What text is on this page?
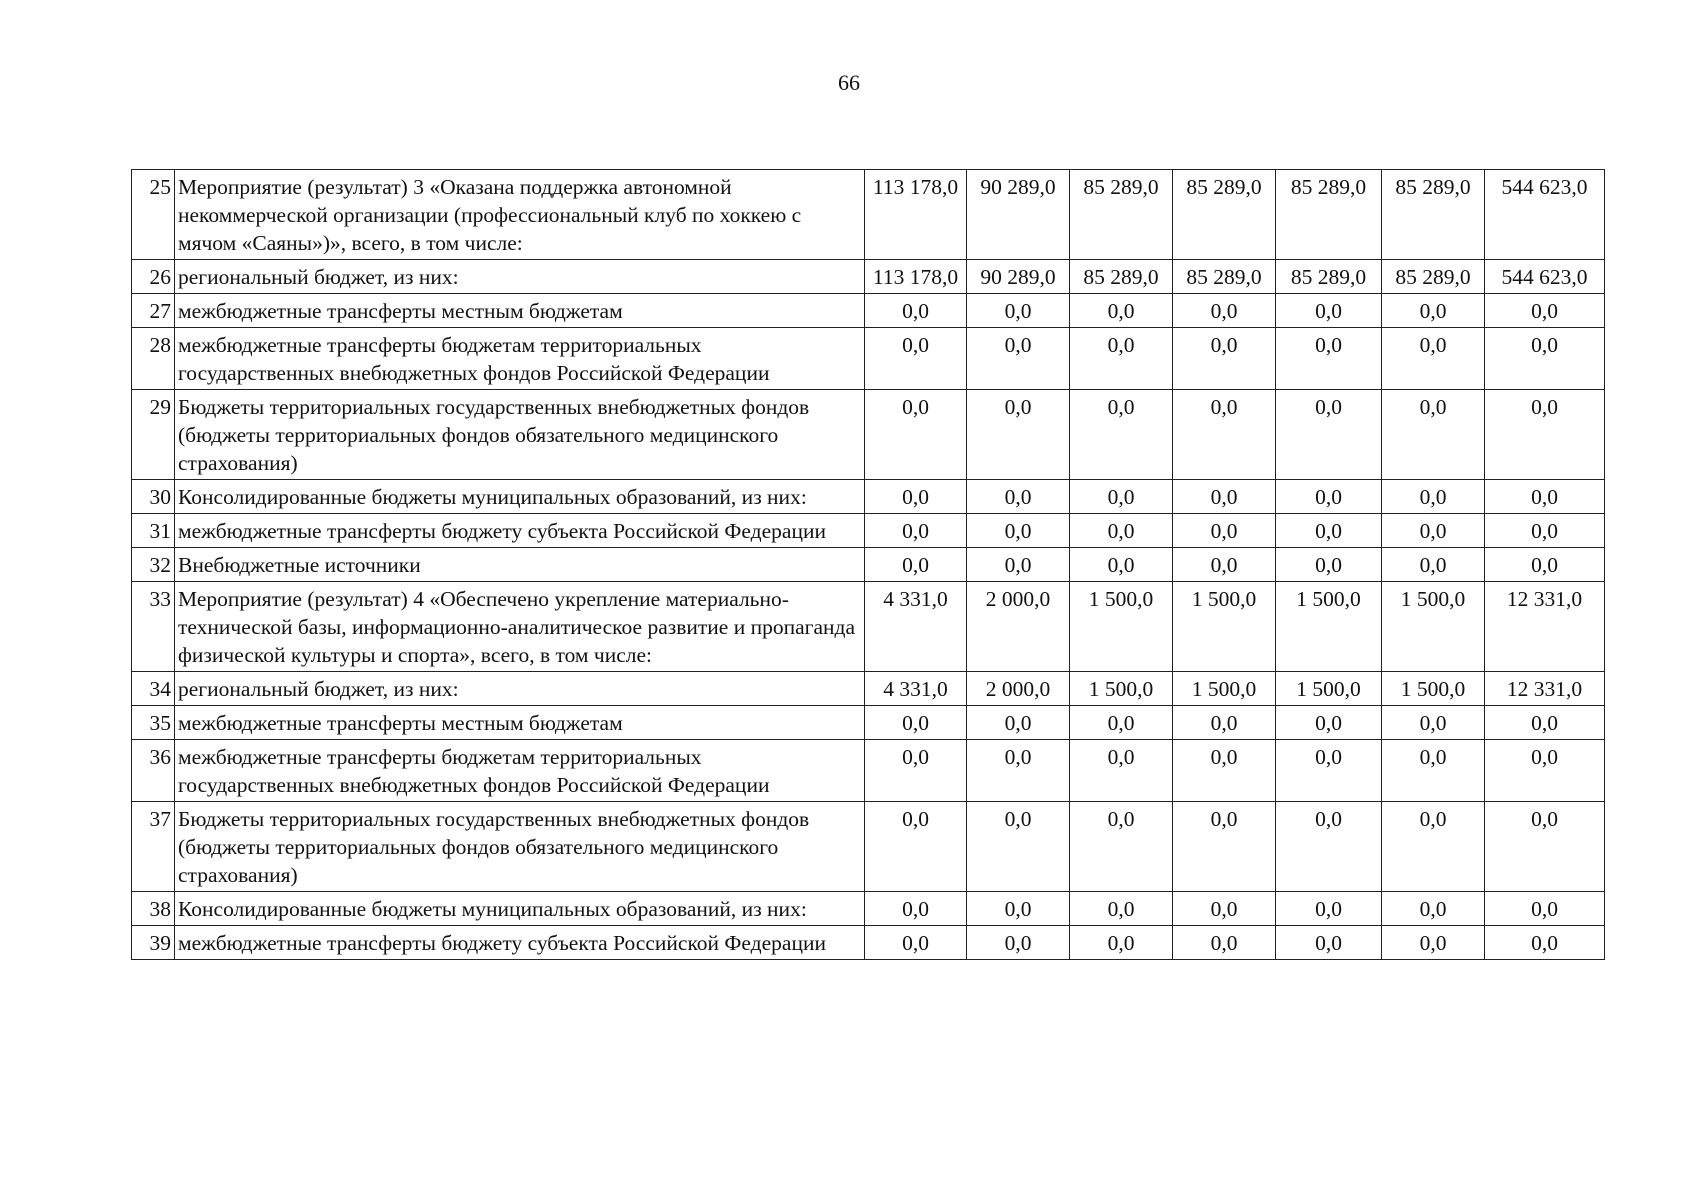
66
25	Мероприятие (результат) 3 «Оказана поддержка автономной некоммерческой организации (профессиональный клуб по хоккею с мячом «Саяны»)», всего, в том числе:	113 178,0	90 289,0	85 289,0	85 289,0	85 289,0	85 289,0	544 623,0
26	региональный бюджет, из них:	113 178,0	90 289,0	85 289,0	85 289,0	85 289,0	85 289,0	544 623,0
27	межбюджетные трансферты местным бюджетам	0,0	0,0	0,0	0,0	0,0	0,0	0,0
28	межбюджетные трансферты бюджетам территориальных государственных внебюджетных фондов Российской Федерации	0,0	0,0	0,0	0,0	0,0	0,0	0,0
29	Бюджеты территориальных государственных внебюджетных фондов (бюджеты территориальных фондов обязательного медицинского страхования)	0,0	0,0	0,0	0,0	0,0	0,0	0,0
30	Консолидированные бюджеты муниципальных образований, из них:	0,0	0,0	0,0	0,0	0,0	0,0	0,0
31	межбюджетные трансферты бюджету субъекта Российской Федерации	0,0	0,0	0,0	0,0	0,0	0,0	0,0
32	Внебюджетные источники	0,0	0,0	0,0	0,0	0,0	0,0	0,0
33	Мероприятие (результат) 4 «Обеспечено укрепление материально-технической базы, информационно-аналитическое развитие и пропаганда физической культуры и спорта», всего, в том числе:	4 331,0	2 000,0	1 500,0	1 500,0	1 500,0	1 500,0	12 331,0
34	региональный бюджет, из них:	4 331,0	2 000,0	1 500,0	1 500,0	1 500,0	1 500,0	12 331,0
35	межбюджетные трансферты местным бюджетам	0,0	0,0	0,0	0,0	0,0	0,0	0,0
36	межбюджетные трансферты бюджетам территориальных государственных внебюджетных фондов Российской Федерации	0,0	0,0	0,0	0,0	0,0	0,0	0,0
37	Бюджеты территориальных государственных внебюджетных фондов (бюджеты территориальных фондов обязательного медицинского страхования)	0,0	0,0	0,0	0,0	0,0	0,0	0,0
38	Консолидированные бюджеты муниципальных образований, из них:	0,0	0,0	0,0	0,0	0,0	0,0	0,0
39	межбюджетные трансферты бюджету субъекта Российской Федерации	0,0	0,0	0,0	0,0	0,0	0,0	0,0
